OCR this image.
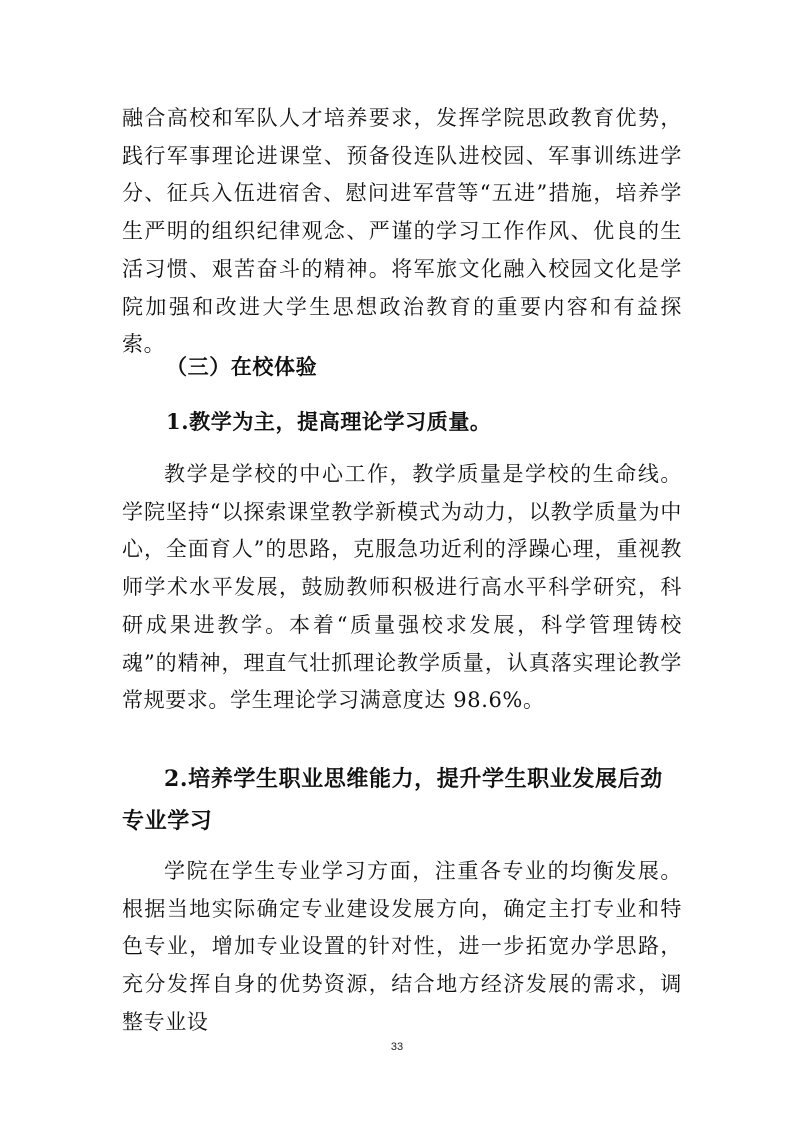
融合高校和军队人才培养要求，发挥学院思政教育优势，践行军事理论进课堂、预备役连队进校园、军事训练进学分、征兵入伍进宿舍、慰问进军营等“五进”措施，培养学生严明的组织纪律观念、严谨的学习工作作风、优良的生活习惯、艰苦奋斗的精神。将军旅文化融入校园文化是学院加强和改进大学生思想政治教育的重要内容和有益探索。

（三）在校体验
1.教学为主，提高理论学习质量。

教学是学校的中心工作，教学质量是学校的生命线。学院坚持“以探索课堂教学新模式为动力，以教学质量为中心，全面育人”的思路，克服急功近利的浮躁心理，重视教师学术水平发展，鼓励教师积极进行高水平科学研究，科研成果进教学。本着“质量强校求发展，科学管理铸校魂”的精神，理直气壮抓理论教学质量，认真落实理论教学常规要求。学生理论学习满意度达 98.6%。

2.培养学生职业思维能力，提升学生职业发展后劲专业学习

学院在学生专业学习方面，注重各专业的均衡发展。根据当地实际确定专业建设发展方向，确定主打专业和特色专业，增加专业设置的针对性，进一步拓宽办学思路，充分发挥自身的优势资源，结合地方经济发展的需求，调整专业设

33
